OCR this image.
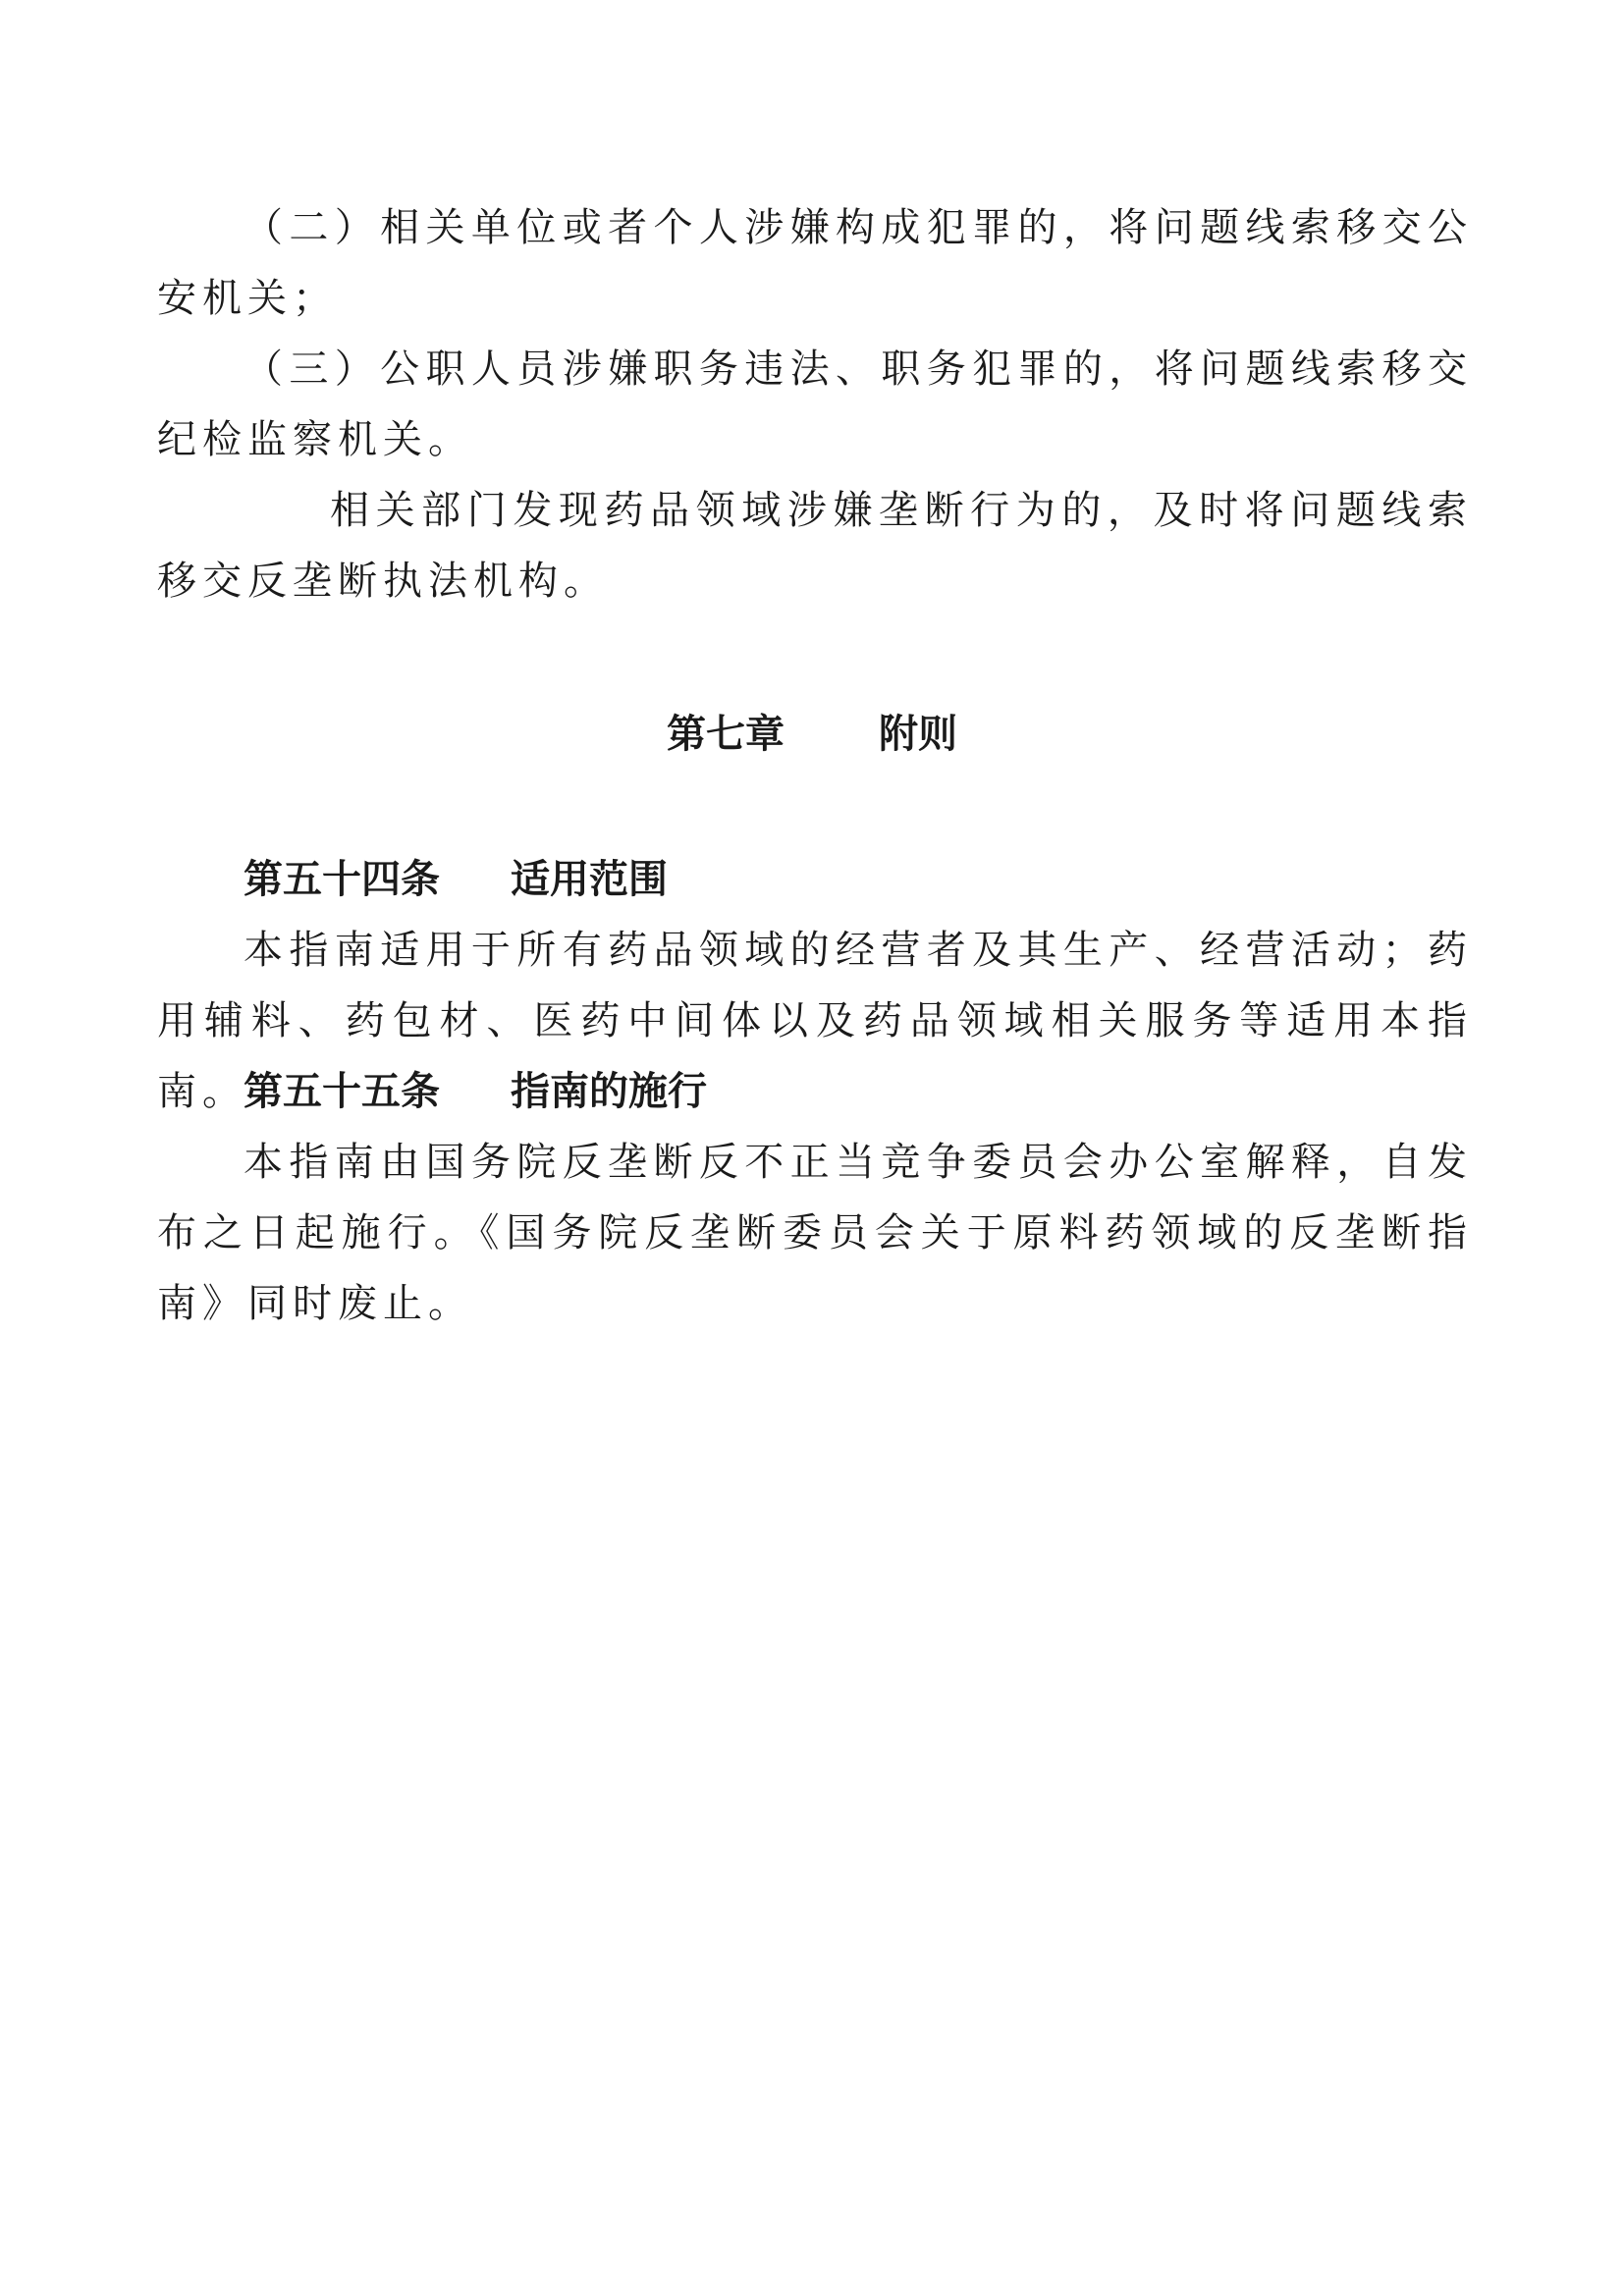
（二）相关单位或者个人涉嫌构成犯罪的，将问题线索移交公安机关；

（三）公职人员涉嫌职务违法、职务犯罪的，将问题线索移交纪检监察机关。

相关部门发现药品领域涉嫌垄断行为的，及时将问题线索移交反垄断执法机构。

第七章 附则
第五十四条 适用范围

本指南适用于所有药品领域的经营者及其生产、经营活动；药用辅料、药包材、医药中间体以及药品领域相关服务等适用本指南。

第五十五条 指南的施行

本指南由国务院反垄断反不正当竞争委员会办公室解释，自发布之日起施行。《国务院反垄断委员会关于原料药领域的反垄断指南》同时废止。
